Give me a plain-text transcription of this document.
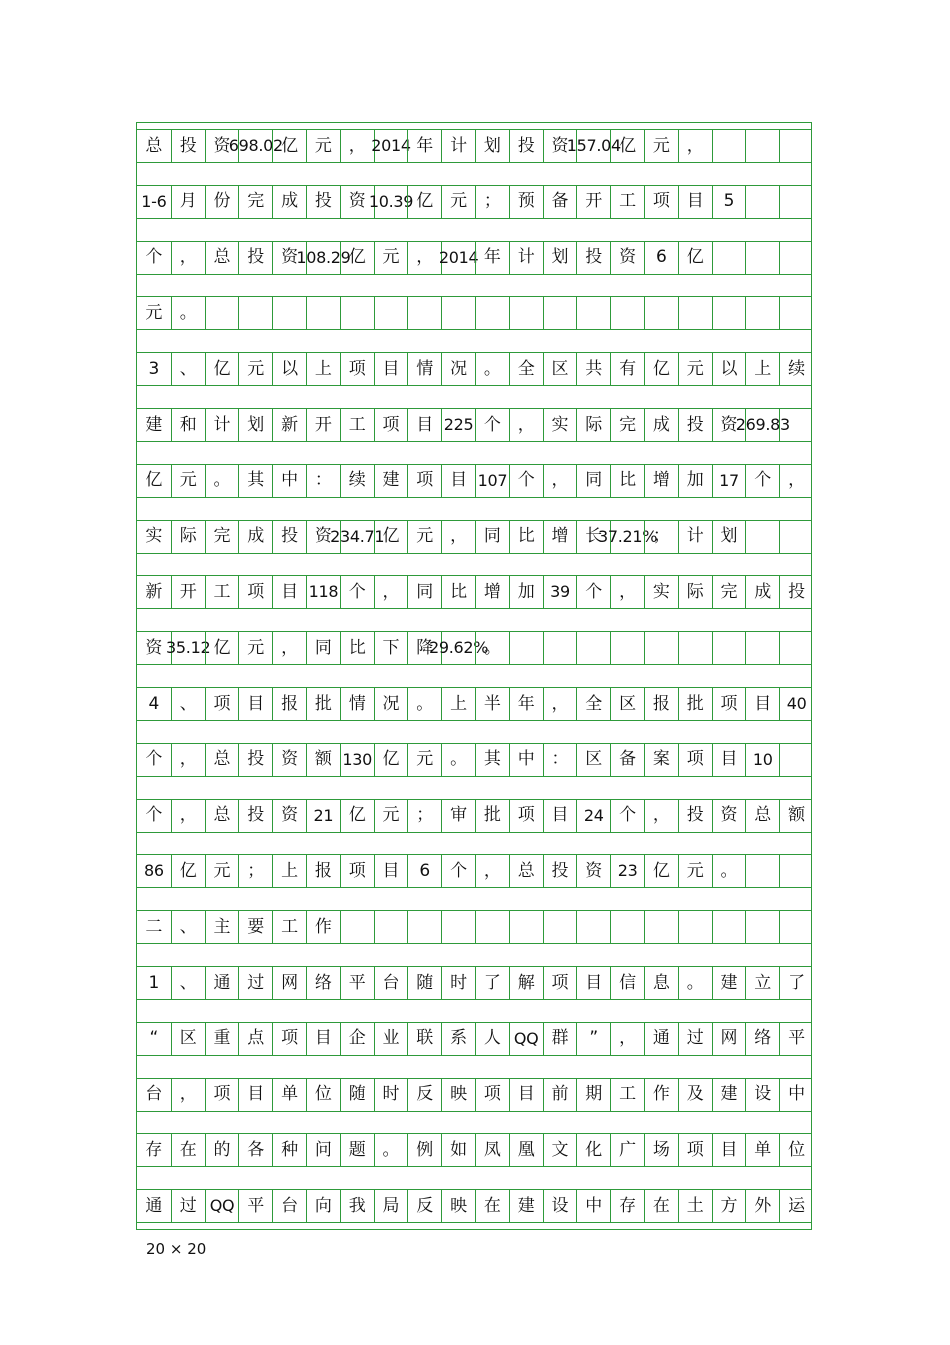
总 投 资
698.02
亿 元 ， 2014 年 计 划 投 资
157.04
亿 元 ，
1-6 月 份 完 成 投 资 10.39 亿 元 ； 预 备 开 工 项 目 5
个 ， 总 投 资
108.29
亿 元 ， 2014 年 计 划 投 资 6 亿
元 。
3 、 亿 元 以 上 项 目 情 况 。 全 区 共 有 亿 元 以 上 续
建 和 计 划 新 开 工 项 目 225 个 ， 实 际 完 成 投 资
269.83
亿 元 。 其 中 ： 续 建 项 目 107 个 ， 同 比 增 加 17 个 ，
实 际 完 成 投 资
234.71
亿 元 ， 同 比 增 长
37.21%
； 计 划
新 开 工 项 目 118 个 ， 同 比 增 加 39 个 ， 实 际 完 成 投
资 35.12 亿 元 ， 同 比 下 降
29.62%
。
4 、 项 目 报 批 情 况 。 上 半 年 ， 全 区 报 批 项 目 40
个 ， 总 投 资 额 130 亿 元 。 其 中 ： 区 备 案 项 目 10
个 ， 总 投 资 21 亿 元 ； 审 批 项 目 24 个 ， 投 资 总 额
86 亿 元 ； 上 报 项 目 6 个 ， 总 投 资 23 亿 元 。
二 、 主 要 工 作
1 、 通 过 网 络 平 台 随 时 了 解 项 目 信 息 。 建 立 了
“ 区 重 点 项 目 企 业 联 系 人 QQ 群 ” ， 通 过 网 络 平
台 ， 项 目 单 位 随 时 反 映 项 目 前 期 工 作 及 建 设 中
存 在 的 各 种 问 题 。 例 如 凤 凰 文 化 广 场 项 目 单 位
通 过 QQ 平 台 向 我 局 反 映 在 建 设 中 存 在 土 方 外 运
20 × 20
